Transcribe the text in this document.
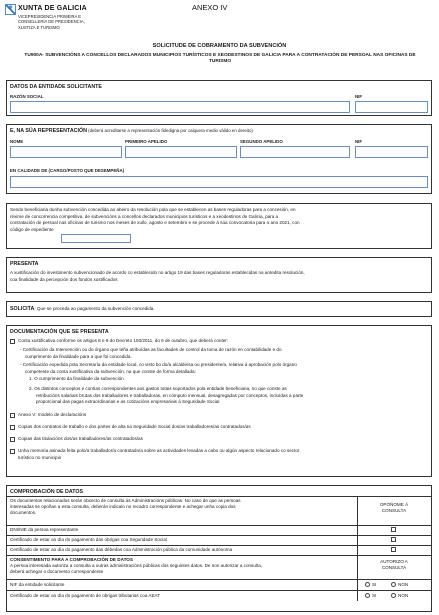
XUNTA DE GALICIA
VICEPRESIDENCIA PRIMEIRA E
CONSELLERÍA DE PRESIDENCIA,
XUSTIZA E TURISMO
ANEXO IV
SOLICITUDE DE COBRAMENTO DA SUBVENCIÓN
TU900A- SUBVENCIÓNS A CONCELLOS DECLARADOS MUNICIPIOS TURÍSTICOS E XEODESTINOS DE GALICIA PARA A CONTRATACIÓN DE PERSOAL NAS OFICINAS DE TURISMO
DATOS DA ENTIDADE SOLICITANTE
RAZÓN SOCIAL	NIF
E, NA SÚA REPRESENTACIÓN (deberá acreditarse a representación fidedigna por calquera medio válido en dereito)
NOME	PRIMEIRO APELIDO	SEGUNDO APELIDO	NIF
EN CALIDADE DE (CARGO/POSTO QUE DESEMPEÑA)
Sendo beneficiaria dunha subvención concedida ao abeiro da resolución pola que se establecen as bases reguladoras para a concesión, en
réxime de concorrencia competitiva, de subvencións a concellos declarados municipios turísticos e a xeodestinos de Galicia, para a
contratación de persoal nas oficinas de turismo nos meses de xullo, agosto e setembro e se procede á súa convocatoria para o ano 2021, con
código de expediente
PRESENTA
A xustificación do investimento subvencionado de acordo co establecido no artigo 19 das bases reguladoras establecidas na antedita resolución,
coa finalidade da percepción dos fondos xustificados
SOLICITA: Que se proceda ao pagamento da subvención concedida.
DOCUMENTACIÓN QUE SE PRESENTA
Conta xustificativa conforme os artigos 8 e 9 do Decreto 193/2011, do 6 de outubro, que deberá conter:
- Certificación da Intervención ou do órgano que teña atribuídas as facultades de control da toma de razón en contabilidade e do
cumprimento da finalidade para a que foi concedida.
- Certificación expedida pola Secretaría da entidade local, co visto bo do/a alcalde/sa ou presidente/a, relativa á aprobación polo órgano
competente da conta xustificativa da subvención, na que conste de forma detallada:
1. O cumprimento da finalidade da subvención
2. Os distintos conceptos e contías correspondentes aos gastos totais soportados pola entidade beneficiaria, no que conste as
retribucións salariais brutas dos traballadores e traballadoras, en cómputo mensual, desagregadas por conceptos, incluídas a parte
proporcional das pagas extraordinarias e as cotizacións empresariais á Seguridade Social
Anexo V: modelo de declaracións
Copias dos contratos de traballo e dos partes de alta na Seguridade Social dos/as traballadores/as contratados/as
Copias das titulacións dos/as traballadores/as contratados/as
Unha memoria asinada feita polo/a traballador/a contratado/a sobre as actividades levadas a cabo ou algún aspecto relacionado co sector
turístico no municipio
COMPROBACIÓN DE DATOS
Os documentos relacionados serán obxecto de consulta ás Administracións públicas. No caso de que as persoas
interesadas se opoñan a esta consulta, deberán indicalo no recadro correspondente e achegar unha copia dos
documentos.
OPÓÑOME Á
CONSULTA
DNI/NIE da persoa representante
Certificado de estar ao día do pagamento das obrigas coa Seguridade Social
Certificado de estar ao día do pagamento das débedas coa Administración pública da comunidade autónoma
CONSENTIMENTO PARA A COMPROBACIÓN DE DATOS
A persoa interesada autoriza a consulta a outras administracións públicas dos seguintes datos. De non autorizar a consulta,
deberá achegar o documento correspondente
AUTORIZO A
CONSULTA
NIF da entidade solicitante	SI	NON
Certificado de estar ao día do pagamento de obrigas tributarias coa AEAT	SI	NON
